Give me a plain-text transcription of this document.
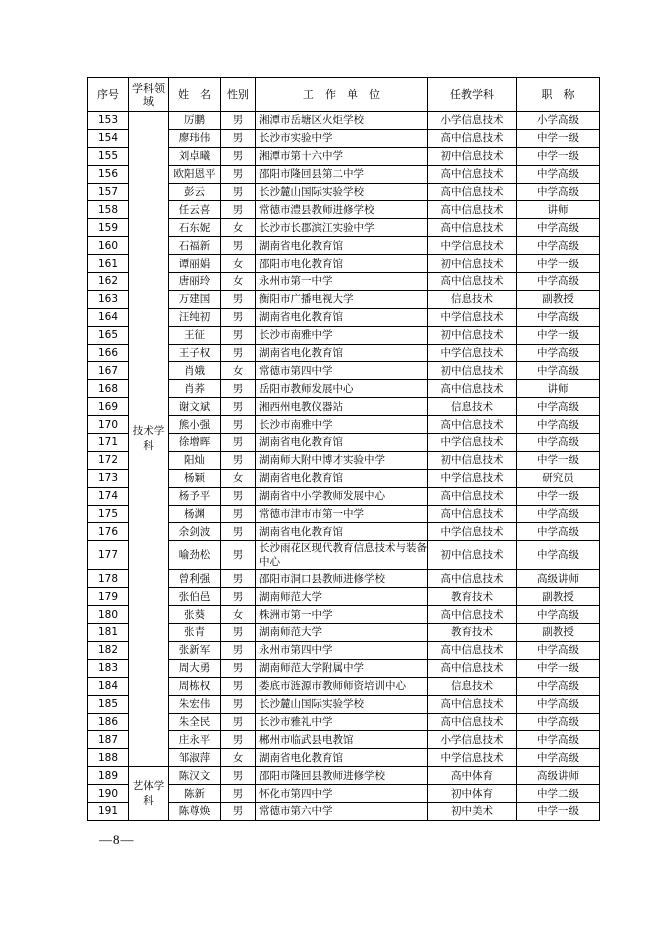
序号	学科领域	姓　名	性别	工　作　单　位	任教学科	职　称
153	技术学科	厉鹏	男	湘潭市岳塘区火炬学校	小学信息技术	小学高级
154		廖玮伟	男	长沙市实验中学	高中信息技术	中学一级
155		刘卓曦	男	湘潭市第十六中学	初中信息技术	中学一级
156		欧阳恩平	男	邵阳市隆回县第二中学	高中信息技术	中学高级
157		彭云	男	长沙麓山国际实验学校	高中信息技术	中学高级
158		任云喜	男	常德市澧县教师进修学校	高中信息技术	讲师
159		石东妮	女	长沙市长郡滨江实验中学	高中信息技术	中学高级
160		石福新	男	湖南省电化教育馆	中学信息技术	中学高级
161		谭丽娟	女	邵阳市电化教育馆	初中信息技术	中学一级
162		唐丽玲	女	永州市第一中学	高中信息技术	中学高级
163		万建国	男	衡阳市广播电视大学	信息技术	副教授
164		汪纯初	男	湖南省电化教育馆	中学信息技术	中学高级
165		王征	男	长沙市南雅中学	初中信息技术	中学一级
166		王子权	男	湖南省电化教育馆	中学信息技术	中学高级
167		肖娥	女	常德市第四中学	初中信息技术	中学高级
168		肖荞	男	岳阳市教师发展中心	高中信息技术	讲师
169		谢文斌	男	湘西州电教仪器站	信息技术	中学高级
170		熊小强	男	长沙市南雅中学	高中信息技术	中学高级
171		徐增晖	男	湖南省电化教育馆	中学信息技术	中学高级
172		阳灿	男	湖南师大附中博才实验中学	初中信息技术	中学一级
173		杨颖	女	湖南省电化教育馆	中学信息技术	研究员
174		杨予平	男	湖南省中小学教师发展中心	高中信息技术	中学一级
175		杨渊	男	常德市津市市第一中学	高中信息技术	中学高级
176		余剑波	男	湖南省电化教育馆	中学信息技术	中学高级
177		喻劲松	男	长沙雨花区现代教育信息技术与装备中心	初中信息技术	中学高级
178		曾利强	男	邵阳市洞口县教师进修学校	高中信息技术	高级讲师
179		张伯邑	男	湖南师范大学	教育技术	副教授
180		张葵	女	株洲市第一中学	高中信息技术	中学高级
181		张青	男	湖南师范大学	教育技术	副教授
182		张新军	男	永州市第四中学	高中信息技术	中学高级
183		周大勇	男	湖南师范大学附属中学	高中信息技术	中学一级
184		周栋权	男	娄底市涟源市教师师资培训中心	信息技术	中学高级
185		朱宏伟	男	长沙麓山国际实验学校	高中信息技术	中学高级
186		朱全民	男	长沙市雅礼中学	高中信息技术	中学高级
187		庄永平	男	郴州市临武县电教馆	小学信息技术	中学高级
188		邹淑萍	女	湖南省电化教育馆	中学信息技术	中学高级
189	艺体学科	陈汉文	男	邵阳市隆回县教师进修学校	高中体育	高级讲师
190		陈新	男	怀化市第四中学	初中体育	中学二级
191		陈尊焕	男	常德市第六中学	初中美术	中学一级
—8—
